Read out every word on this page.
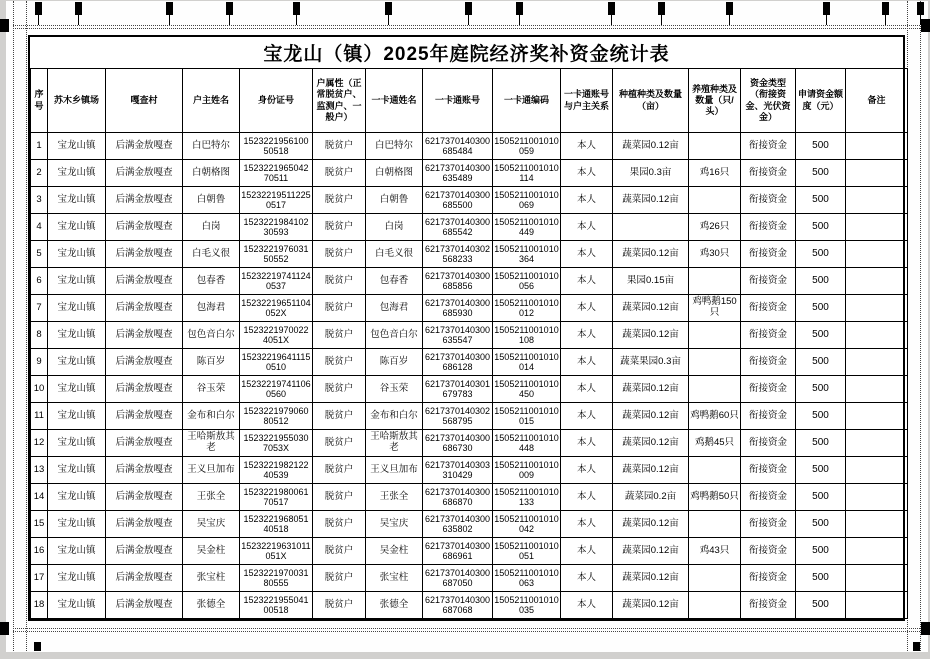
宝龙山（镇）2025年庭院经济奖补资金统计表
序号	苏木乡镇场	嘎查村	户主姓名	身份证号	户属性（正常脱贫户、监测户、一般户）	一卡通姓名	一卡通账号	一卡通编码	一卡通账号与户主关系	种植种类及数量（亩）	养殖种类及数量（只/头）	资金类型（衔接资金、光伏资金）	申请资金额度（元）	备注
1	宝龙山镇	后满金敖嘎查	白巴特尔	152322195610050518	脱贫户	白巴特尔	6217370140300685484	1505211001010059	本人	蔬菜园0.12亩		衔接资金	500	
2	宝龙山镇	后满金敖嘎查	白朝格图	152322196504270511	脱贫户	白朝格图	6217370140300635489	1505211001010114	本人	果园0.3亩	鸡16只	衔接资金	500	
3	宝龙山镇	后满金敖嘎查	白朝鲁	152322195112250517	脱贫户	白朝鲁	6217370140300685500	1505211001010069	本人	蔬菜园0.12亩		衔接资金	500	
4	宝龙山镇	后满金敖嘎查	白岗	152322198410230593	脱贫户	白岗	6217370140300685542	1505211001010449	本人		鸡26只	衔接资金	500	
5	宝龙山镇	后满金敖嘎查	白毛义很	152322197603150552	脱贫户	白毛义很	6217370140302568233	1505211001010364	本人	蔬菜园0.12亩	鸡30只	衔接资金	500	
6	宝龙山镇	后满金敖嘎查	包春香	152322197411240537	脱贫户	包春香	6217370140300685856	1505211001010056	本人	果园0.15亩		衔接资金	500	
7	宝龙山镇	后满金敖嘎查	包海君	15232219651104052X	脱贫户	包海君	6217370140300685930	1505211001010012	本人	蔬菜园0.12亩	鸡鸭鹅150只	衔接资金	500	
8	宝龙山镇	后满金敖嘎查	包色音白尔	15232219700224051X	脱贫户	包色音白尔	6217370140300635547	1505211001010108	本人	蔬菜园0.12亩		衔接资金	500	
9	宝龙山镇	后满金敖嘎查	陈百岁	152322196411150510	脱贫户	陈百岁	6217370140300686128	1505211001010014	本人	蔬菜果园0.3亩		衔接资金	500	
10	宝龙山镇	后满金敖嘎查	谷玉荣	152322197411060560	脱贫户	谷玉荣	6217370140301679783	1505211001010450	本人	蔬菜园0.12亩		衔接资金	500	
11	宝龙山镇	后满金敖嘎查	金布和白尔	152322197906080512	脱贫户	金布和白尔	6217370140302568795	1505211001010015	本人	蔬菜园0.12亩	鸡鸭鹅60只	衔接资金	500	
12	宝龙山镇	后满金敖嘎查	王哈斯敖其老	15232219550307053X	脱贫户	王哈斯敖其老	6217370140300686730	1505211001010448	本人	蔬菜园0.12亩	鸡鹅45只	衔接资金	500	
13	宝龙山镇	后满金敖嘎查	王义旦加布	152322198212240539	脱贫户	王义旦加布	6217370140303310429	1505211001010009	本人	蔬菜园0.12亩		衔接资金	500	
14	宝龙山镇	后满金敖嘎查	王张全	152322198006170517	脱贫户	王张全	6217370140300686870	1505211001010133	本人	蔬菜园0.2亩	鸡鸭鹅50只	衔接资金	500	
15	宝龙山镇	后满金敖嘎查	吴宝庆	152322196805140518	脱贫户	吴宝庆	6217370140300635802	1505211001010042	本人	蔬菜园0.12亩		衔接资金	500	
16	宝龙山镇	后满金敖嘎查	吴金柱	15232219631011051X	脱贫户	吴金柱	6217370140300686961	1505211001010051	本人	蔬菜园0.12亩	鸡43只	衔接资金	500	
17	宝龙山镇	后满金敖嘎查	张宝柱	152322197003180555	脱贫户	张宝柱	6217370140300687050	1505211001010063	本人	蔬菜园0.12亩		衔接资金	500	
18	宝龙山镇	后满金敖嘎查	张德全	152322195504100518	脱贫户	张德全	6217370140300687068	1505211001010035	本人	蔬菜园0.12亩		衔接资金	500	
